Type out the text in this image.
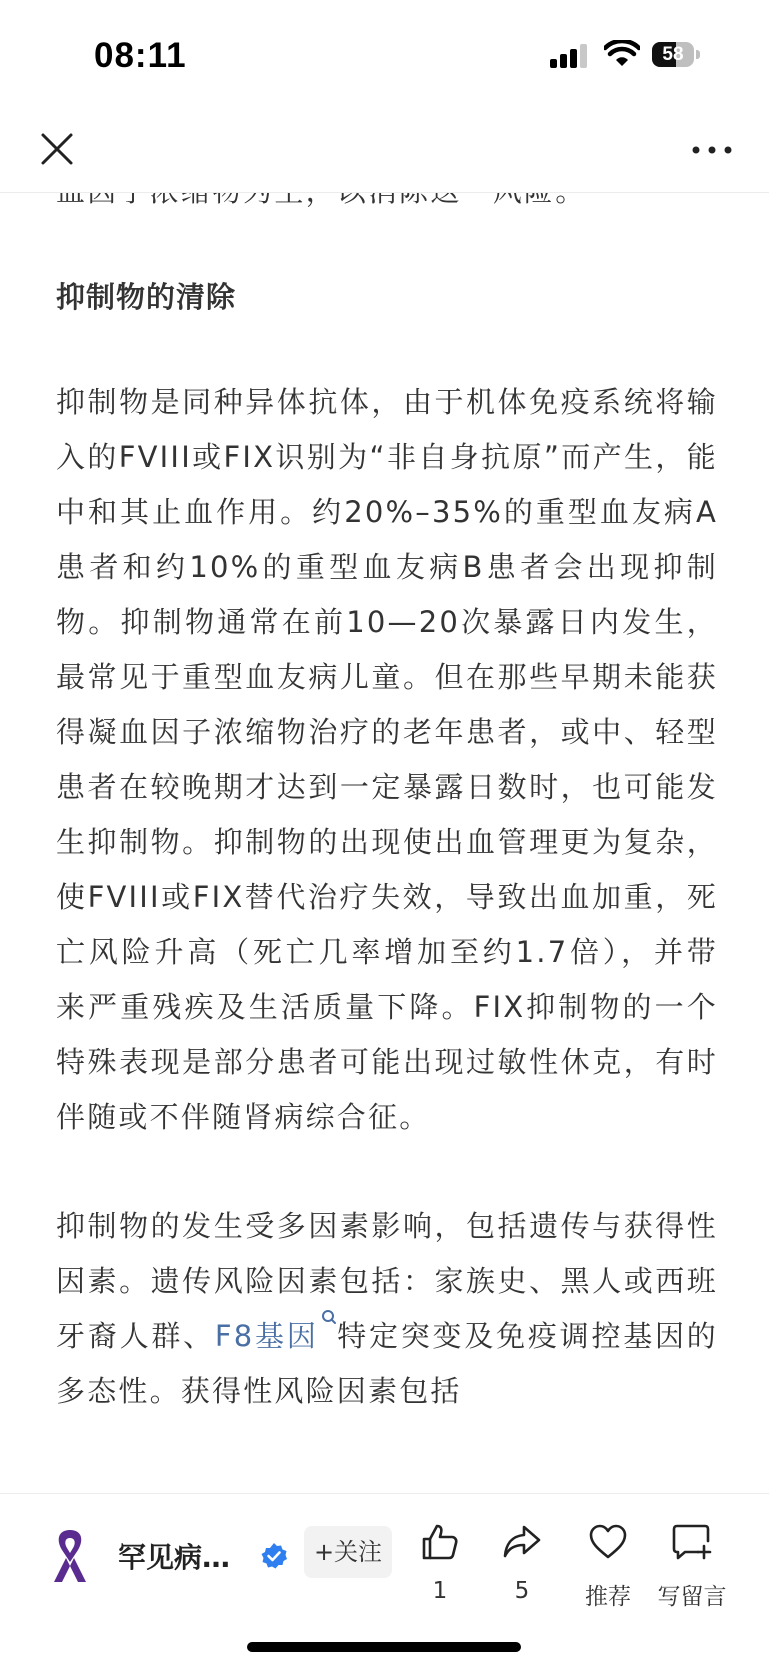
08:11	58

抑制物的清除

抑制物是同种异体抗体，由于机体免疫系统将输入的FVIII或FIX识别为“非自身抗原”而产生，能中和其止血作用。约20%–35%的重型血友病A患者和约10%的重型血友病B患者会出现抑制物。抑制物通常在前10—20次暴露日内发生，最常见于重型血友病儿童。但在那些早期未能获得凝血因子浓缩物治疗的老年患者，或中、轻型患者在较晚期才达到一定暴露日数时，也可能发生抑制物。抑制物的出现使出血管理更为复杂，使FVIII或FIX替代治疗失效，导致出血加重，死亡风险升高（死亡几率增加至约1.7倍），并带来严重残疾及生活质量下降。FIX抑制物的一个特殊表现是部分患者可能出现过敏性休克，有时伴随或不伴随肾病综合征。

抑制物的发生受多因素影响，包括遗传与获得性因素。遗传风险因素包括：家族史、黑人或西班牙裔人群、F8基因 特定突变及免疫调控基因的多态性。获得性风险因素包括

罕见病…	+关注
1	5	推荐	写留言
